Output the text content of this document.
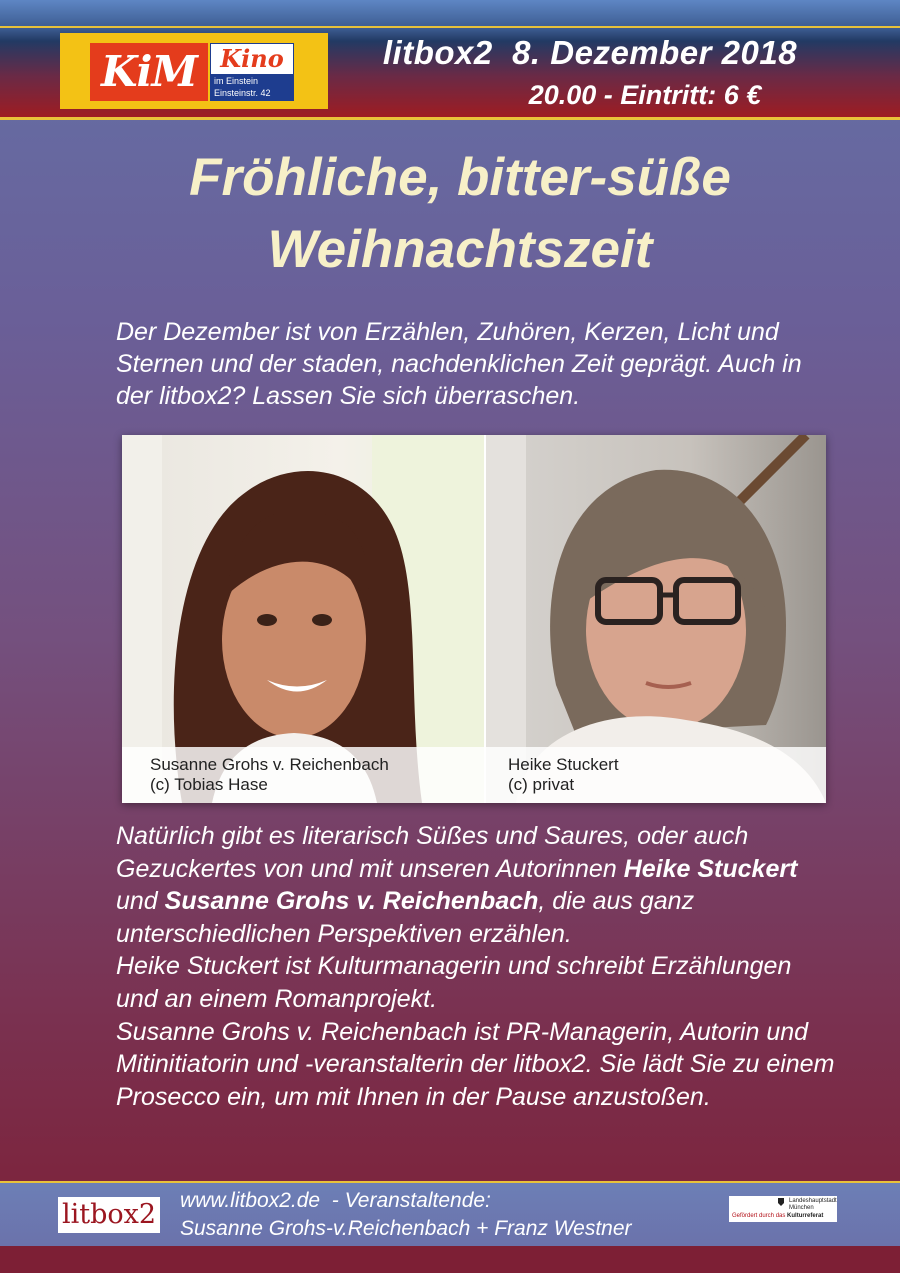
KiM Kino
im Einstein
Einsteinstr. 42
litbox2  8. Dezember 2018
20.00 - Eintritt: 6 €
Fröhliche, bitter-süße
Weihnachtszeit
Der Dezember ist von Erzählen, Zuhören, Kerzen, Licht und Sternen und der staden, nachdenklichen Zeit geprägt. Auch in der litbox2? Lassen Sie sich überraschen.
Susanne Grohs v. Reichenbach
(c) Tobias Hase
Heike Stuckert
(c) privat
Natürlich gibt es literarisch Süßes und Saures, oder auch Gezuckertes von und mit unseren Autorinnen Heike Stuckert und Susanne Grohs v. Reichenbach, die aus ganz unterschiedlichen Perspektiven erzählen.
Heike Stuckert ist Kulturmanagerin und schreibt Erzählungen und an einem Romanprojekt.
Susanne Grohs v. Reichenbach ist PR-Managerin, Autorin und Mitinitiatorin und -veranstalterin der litbox2. Sie lädt Sie zu einem Prosecco ein, um mit Ihnen in der Pause anzustoßen.
litbox2 www.litbox2.de  - Veranstaltende:
Susanne Grohs-v.Reichenbach + Franz Westner
Landeshauptstadt
München
Gefördert durch das Kulturreferat
